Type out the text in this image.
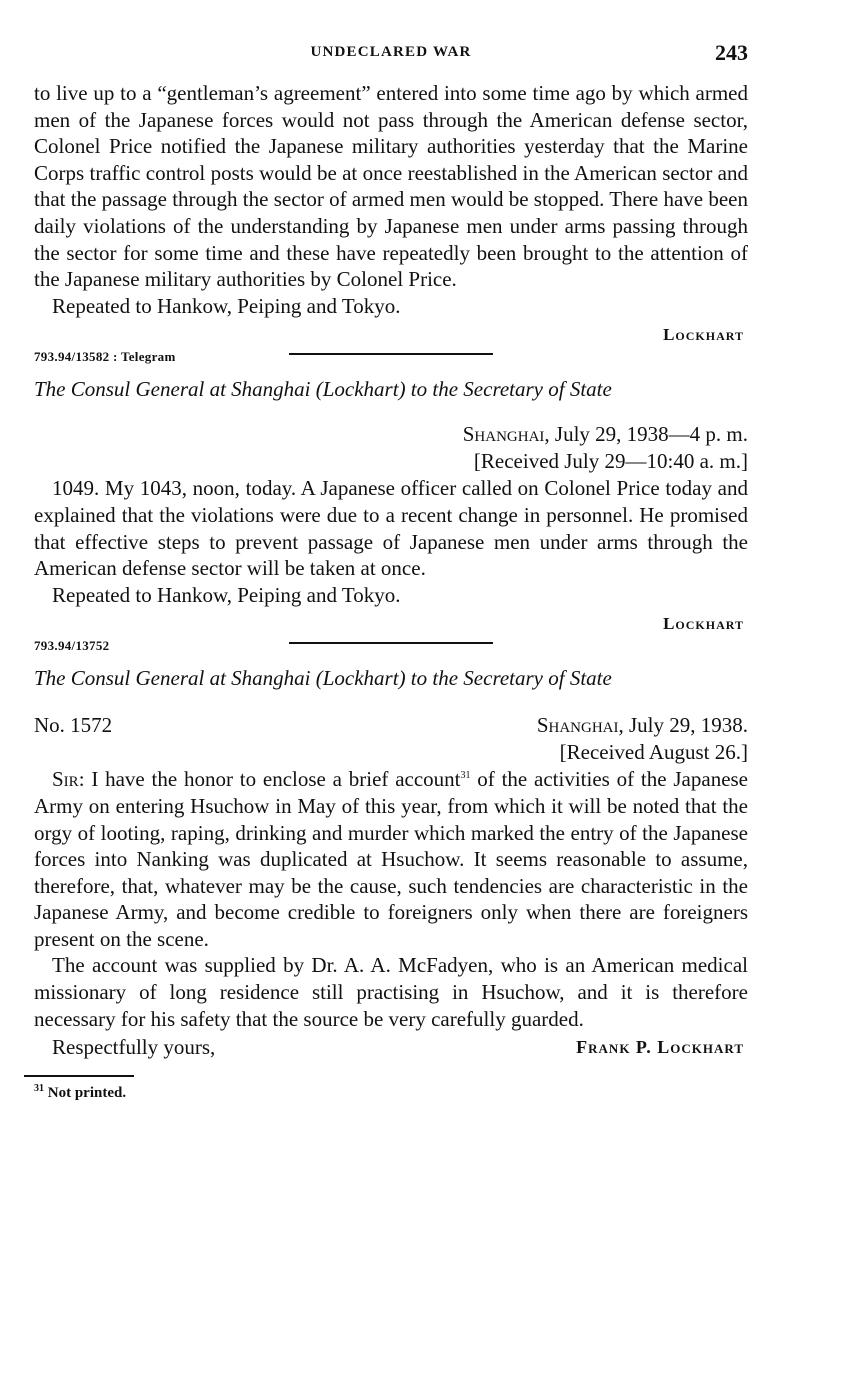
UNDECLARED WAR	243

to live up to a “gentleman’s agreement” entered into some time ago by which armed men of the Japanese forces would not pass through the American defense sector, Colonel Price notified the Japanese military authorities yesterday that the Marine Corps traffic control posts would be at once reestablished in the American sector and that the passage through the sector of armed men would be stopped. There have been daily violations of the understanding by Japanese men under arms passing through the sector for some time and these have repeatedly been brought to the attention of the Japanese military authorities by Colonel Price.

Repeated to Hankow, Peiping and Tokyo.

Lockhart
793.94/13582 : Telegram
The Consul General at Shanghai (Lockhart) to the Secretary of State
Shanghai, July 29, 1938—4 p. m.
[Received July 29—10:40 a. m.]

1049. My 1043, noon, today. A Japanese officer called on Colonel Price today and explained that the violations were due to a recent change in personnel. He promised that effective steps to prevent passage of Japanese men under arms through the American defense sector will be taken at once.

Repeated to Hankow, Peiping and Tokyo.

Lockhart
793.94/13752
The Consul General at Shanghai (Lockhart) to the Secretary of State
No. 1572	Shanghai, July 29, 1938.
[Received August 26.]

Sir: I have the honor to enclose a brief account$^{31}$ of the activities of the Japanese Army on entering Hsuchow in May of this year, from which it will be noted that the orgy of looting, raping, drinking and murder which marked the entry of the Japanese forces into Nanking was duplicated at Hsuchow. It seems reasonable to assume, therefore, that, whatever may be the cause, such tendencies are characteristic in the Japanese Army, and become credible to foreigners only when there are foreigners present on the scene.

The account was supplied by Dr. A. A. McFadyen, who is an American medical missionary of long residence still practising in Hsuchow, and it is therefore necessary for his safety that the source be very carefully guarded.

Respectfully yours,	Frank P. Lockhart
$^{31}$ Not printed.
